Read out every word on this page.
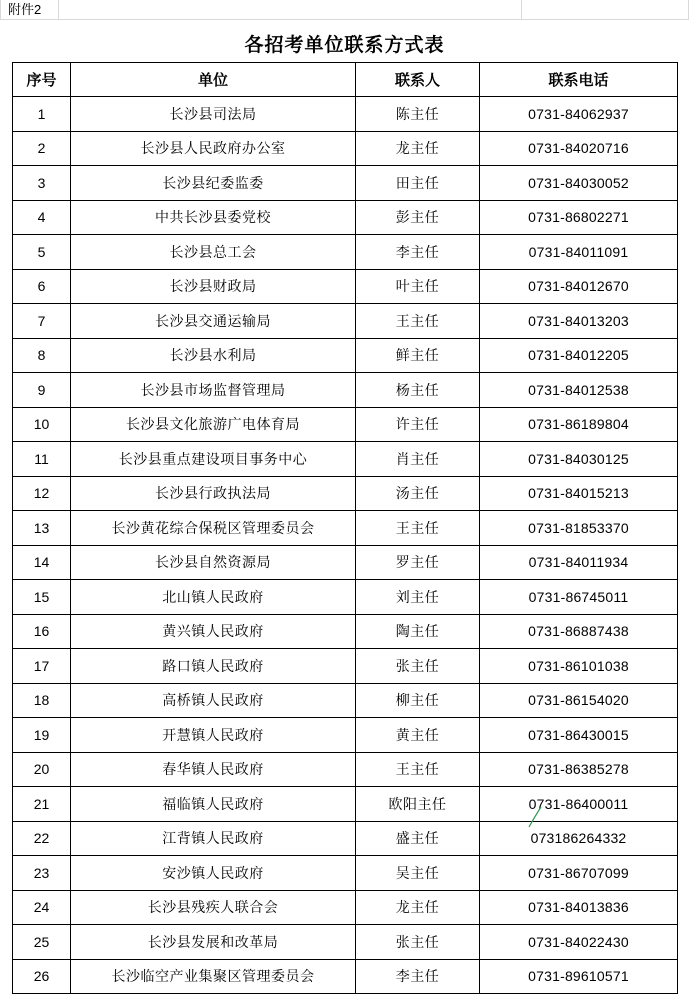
附件2
各招考单位联系方式表
序号	单位	联系人	联系电话
1	长沙县司法局	陈主任	0731-84062937
2	长沙县人民政府办公室	龙主任	0731-84020716
3	长沙县纪委监委	田主任	0731-84030052
4	中共长沙县委党校	彭主任	0731-86802271
5	长沙县总工会	李主任	0731-84011091
6	长沙县财政局	叶主任	0731-84012670
7	长沙县交通运输局	王主任	0731-84013203
8	长沙县水利局	鲜主任	0731-84012205
9	长沙县市场监督管理局	杨主任	0731-84012538
10	长沙县文化旅游广电体育局	许主任	0731-86189804
11	长沙县重点建设项目事务中心	肖主任	0731-84030125
12	长沙县行政执法局	汤主任	0731-84015213
13	长沙黄花综合保税区管理委员会	王主任	0731-81853370
14	长沙县自然资源局	罗主任	0731-84011934
15	北山镇人民政府	刘主任	0731-86745011
16	黄兴镇人民政府	陶主任	0731-86887438
17	路口镇人民政府	张主任	0731-86101038
18	高桥镇人民政府	柳主任	0731-86154020
19	开慧镇人民政府	黄主任	0731-86430015
20	春华镇人民政府	王主任	0731-86385278
21	福临镇人民政府	欧阳主任	0731-86400011
22	江背镇人民政府	盛主任	073186264332
23	安沙镇人民政府	吴主任	0731-86707099
24	长沙县残疾人联合会	龙主任	0731-84013836
25	长沙县发展和改革局	张主任	0731-84022430
26	长沙临空产业集聚区管理委员会	李主任	0731-89610571
